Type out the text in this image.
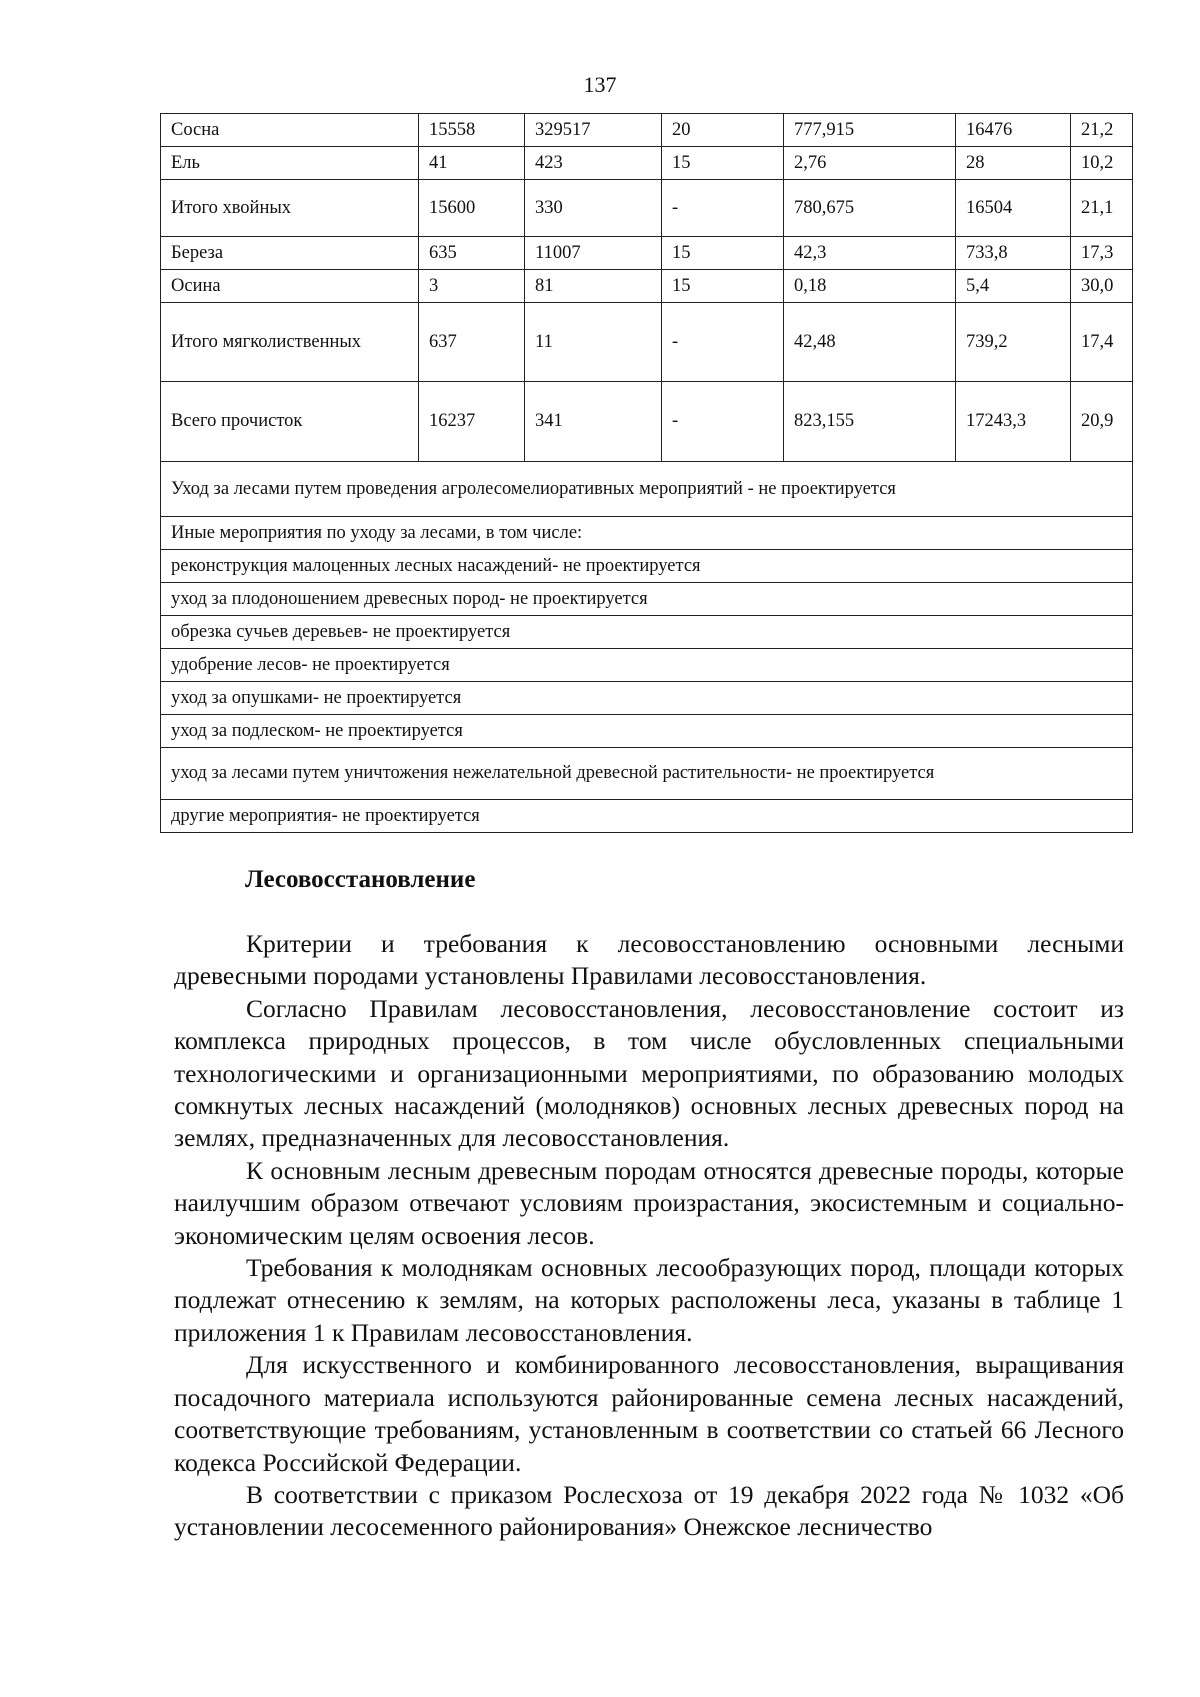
137
Сосна	15558	329517	20	777,915	16476	21,2
Ель	41	423	15	2,76	28	10,2
Итого хвойных	15600	330	-	780,675	16504	21,1
Береза	635	11007	15	42,3	733,8	17,3
Осина	3	81	15	0,18	5,4	30,0
Итого мягколиственных	637	11	-	42,48	739,2	17,4
Всего прочисток	16237	341	-	823,155	17243,3	20,9
Уход за лесами путем проведения агролесомелиоративных мероприятий - не проектируется						
Иные мероприятия по уходу за лесами, в том числе:						
реконструкция малоценных лесных насаждений- не проектируется						
уход за плодоношением древесных пород- не проектируется						
обрезка сучьев деревьев- не проектируется						
удобрение лесов- не проектируется						
уход за опушками- не проектируется						
уход за подлеском- не проектируется						
уход за лесами путем уничтожения нежелательной древесной растительности- не проектируется						
другие мероприятия- не проектируется						
Лесовосстановление

Критерии и требования к лесовосстановлению основными лесными древесными породами установлены Правилами лесовосстановления.

Согласно Правилам лесовосстановления, лесовосстановление состоит из комплекса природных процессов, в том числе обусловленных специальными технологическими и организационными мероприятиями, по образованию молодых сомкнутых лесных насаждений (молодняков) основных лесных древесных пород на землях, предназначенных для лесовосстановления.

К основным лесным древесным породам относятся древесные породы, которые наилучшим образом отвечают условиям произрастания, экосистемным и социально-экономическим целям освоения лесов.

Требования к молоднякам основных лесообразующих пород, площади которых подлежат отнесению к землям, на которых расположены леса, указаны в таблице 1 приложения 1 к Правилам лесовосстановления.

Для искусственного и комбинированного лесовосстановления, выращивания посадочного материала используются районированные семена лесных насаждений, соответствующие требованиям, установленным в соответствии со статьей 66 Лесного кодекса Российской Федерации.

В соответствии с приказом Рослесхоза от 19 декабря 2022 года № 1032 «Об установлении лесосеменного районирования» Онежское лесничество
